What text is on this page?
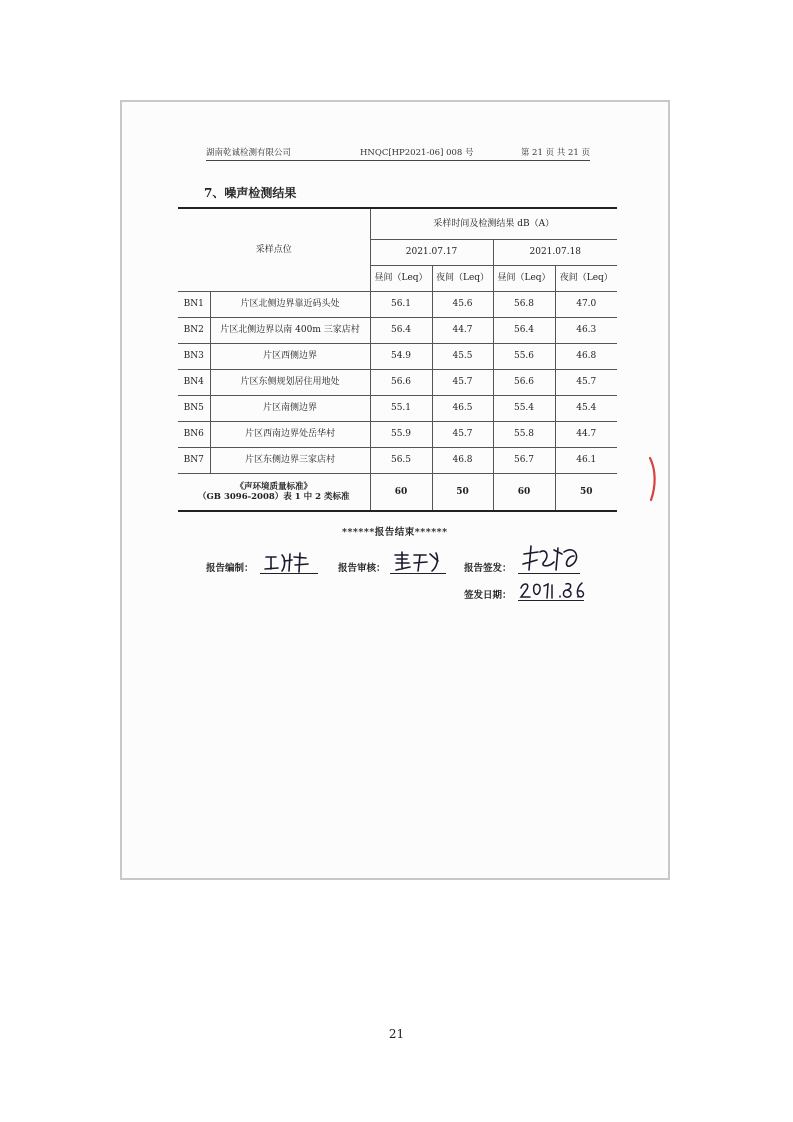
湖南乾诚检测有限公司	HNQC[HP2021-06] 008 号	第 21 页 共 21 页
7、噪声检测结果
采样点位		采样时间及检测结果 dB（A）			
		2021.07.17		2021.07.18	
		昼间（Leq）	夜间（Leq）	昼间（Leq）	夜间（Leq）
BN1	片区北侧边界靠近码头处	56.1	45.6	56.8	47.0
BN2	片区北侧边界以南 400m 三家店村	56.4	44.7	56.4	46.3
BN3	片区西侧边界	54.9	45.5	55.6	46.8
BN4	片区东侧规划居住用地处	56.6	45.7	56.6	45.7
BN5	片区南侧边界	55.1	46.5	55.4	45.4
BN6	片区西南边界处岳华村	55.9	45.7	55.8	44.7
BN7	片区东侧边界三家店村	56.5	46.8	56.7	46.1

《声环境质量标准》
（GB 3096-2008）表 1 中 2 类标准		60	50	60	50
******报告结束******
报告编制：	报告审核：	报告签发：
签发日期：
21
